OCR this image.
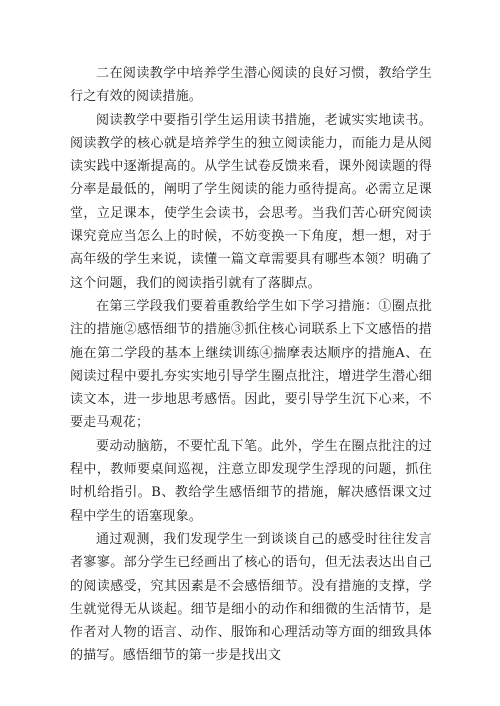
二在阅读教学中培养学生潜心阅读的良好习惯，教给学生行之有效的阅读措施。

阅读教学中要指引学生运用读书措施，老诚实实地读书。阅读教学的核心就是培养学生的独立阅读能力，而能力是从阅读实践中逐渐提高的。从学生试卷反馈来看，课外阅读题的得分率是最低的，阐明了学生阅读的能力亟待提高。必需立足课堂，立足课本，使学生会读书，会思考。当我们苦心研究阅读课究竟应当怎么上的时候，不妨变换一下角度，想一想，对于高年级的学生来说，读懂一篇文章需要具有哪些本领？明确了这个问题，我们的阅读指引就有了落脚点。

在第三学段我们要着重教给学生如下学习措施：①圈点批注的措施②感悟细节的措施③抓住核心词联系上下文感悟的措施在第二学段的基本上继续训练④揣摩表达顺序的措施A、在阅读过程中要扎夯实实地引导学生圈点批注，增进学生潜心细读文本，进一步地思考感悟。因此，要引导学生沉下心来，不要走马观花；

要动动脑筋，不要忙乱下笔。此外，学生在圈点批注的过程中，教师要桌间巡视，注意立即发现学生浮现的问题，抓住时机给指引。B、教给学生感悟细节的措施，解决感悟课文过程中学生的语塞现象。

通过观测，我们发现学生一到谈谈自己的感受时往往发言者寥寥。部分学生已经画出了核心的语句，但无法表达出自己的阅读感受，究其因素是不会感悟细节。没有措施的支撑，学生就觉得无从谈起。细节是细小的动作和细微的生活情节，是作者对人物的语言、动作、服饰和心理活动等方面的细致具体的描写。感悟细节的第一步是找出文
